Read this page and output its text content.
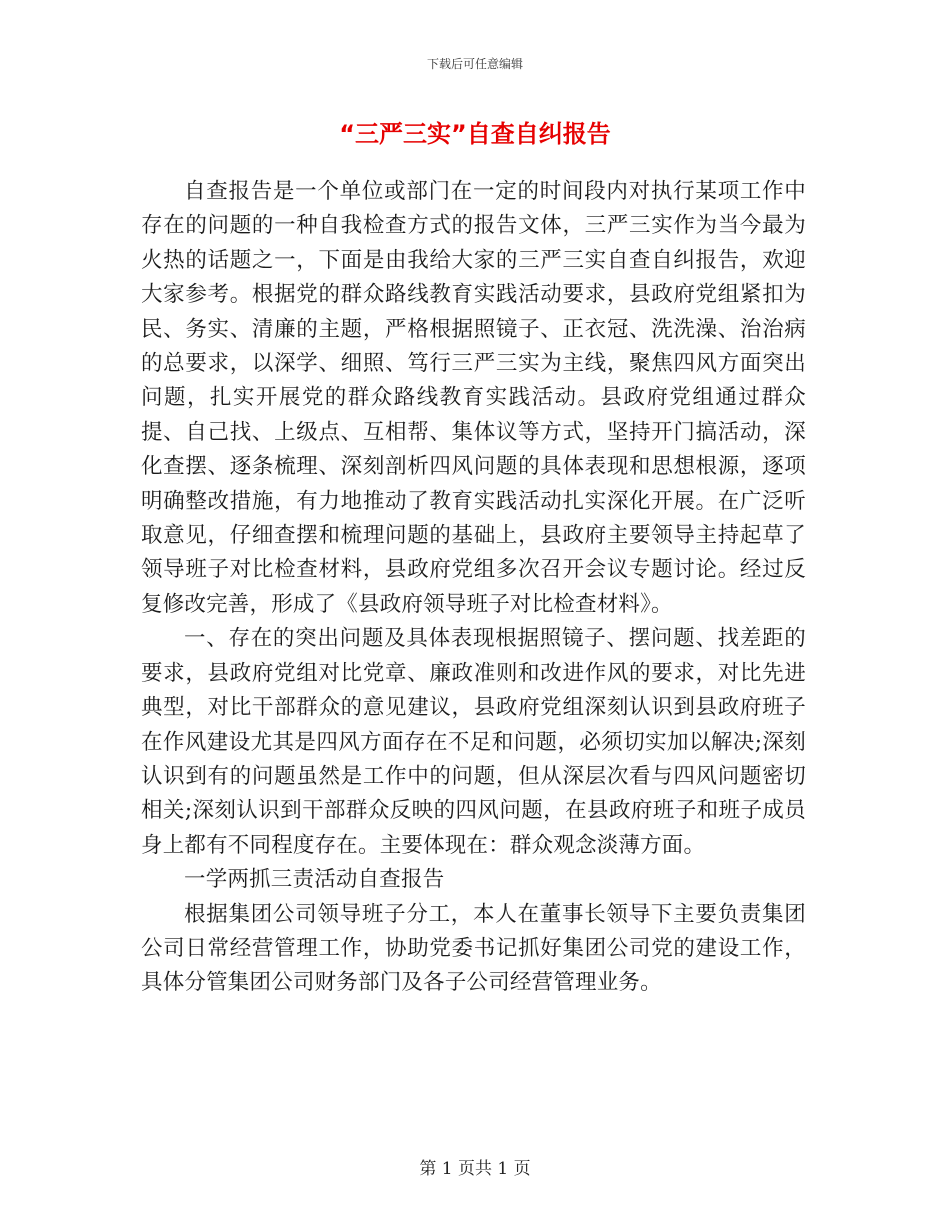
下载后可任意编辑
“三严三实”自查自纠报告

自查报告是一个单位或部门在一定的时间段内对执行某项工作中存在的问题的一种自我检查方式的报告文体，三严三实作为当今最为火热的话题之一，下面是由我给大家的三严三实自查自纠报告，欢迎大家参考。根据党的群众路线教育实践活动要求，县政府党组紧扣为民、务实、清廉的主题，严格根据照镜子、正衣冠、洗洗澡、治治病的总要求，以深学、细照、笃行三严三实为主线，聚焦四风方面突出问题，扎实开展党的群众路线教育实践活动。县政府党组通过群众提、自己找、上级点、互相帮、集体议等方式，坚持开门搞活动，深化查摆、逐条梳理、深刻剖析四风问题的具体表现和思想根源，逐项明确整改措施，有力地推动了教育实践活动扎实深化开展。在广泛听取意见，仔细查摆和梳理问题的基础上，县政府主要领导主持起草了领导班子对比检查材料，县政府党组多次召开会议专题讨论。经过反复修改完善，形成了《县政府领导班子对比检查材料》。

一、存在的突出问题及具体表现根据照镜子、摆问题、找差距的要求，县政府党组对比党章、廉政准则和改进作风的要求，对比先进典型，对比干部群众的意见建议，县政府党组深刻认识到县政府班子在作风建设尤其是四风方面存在不足和问题，必须切实加以解决;深刻认识到有的问题虽然是工作中的问题，但从深层次看与四风问题密切相关;深刻认识到干部群众反映的四风问题，在县政府班子和班子成员身上都有不同程度存在。主要体现在：群众观念淡薄方面。

一学两抓三责活动自查报告

根据集团公司领导班子分工，本人在董事长领导下主要负责集团公司日常经营管理工作，协助党委书记抓好集团公司党的建设工作，具体分管集团公司财务部门及各子公司经营管理业务。

第 1 页共 1 页
